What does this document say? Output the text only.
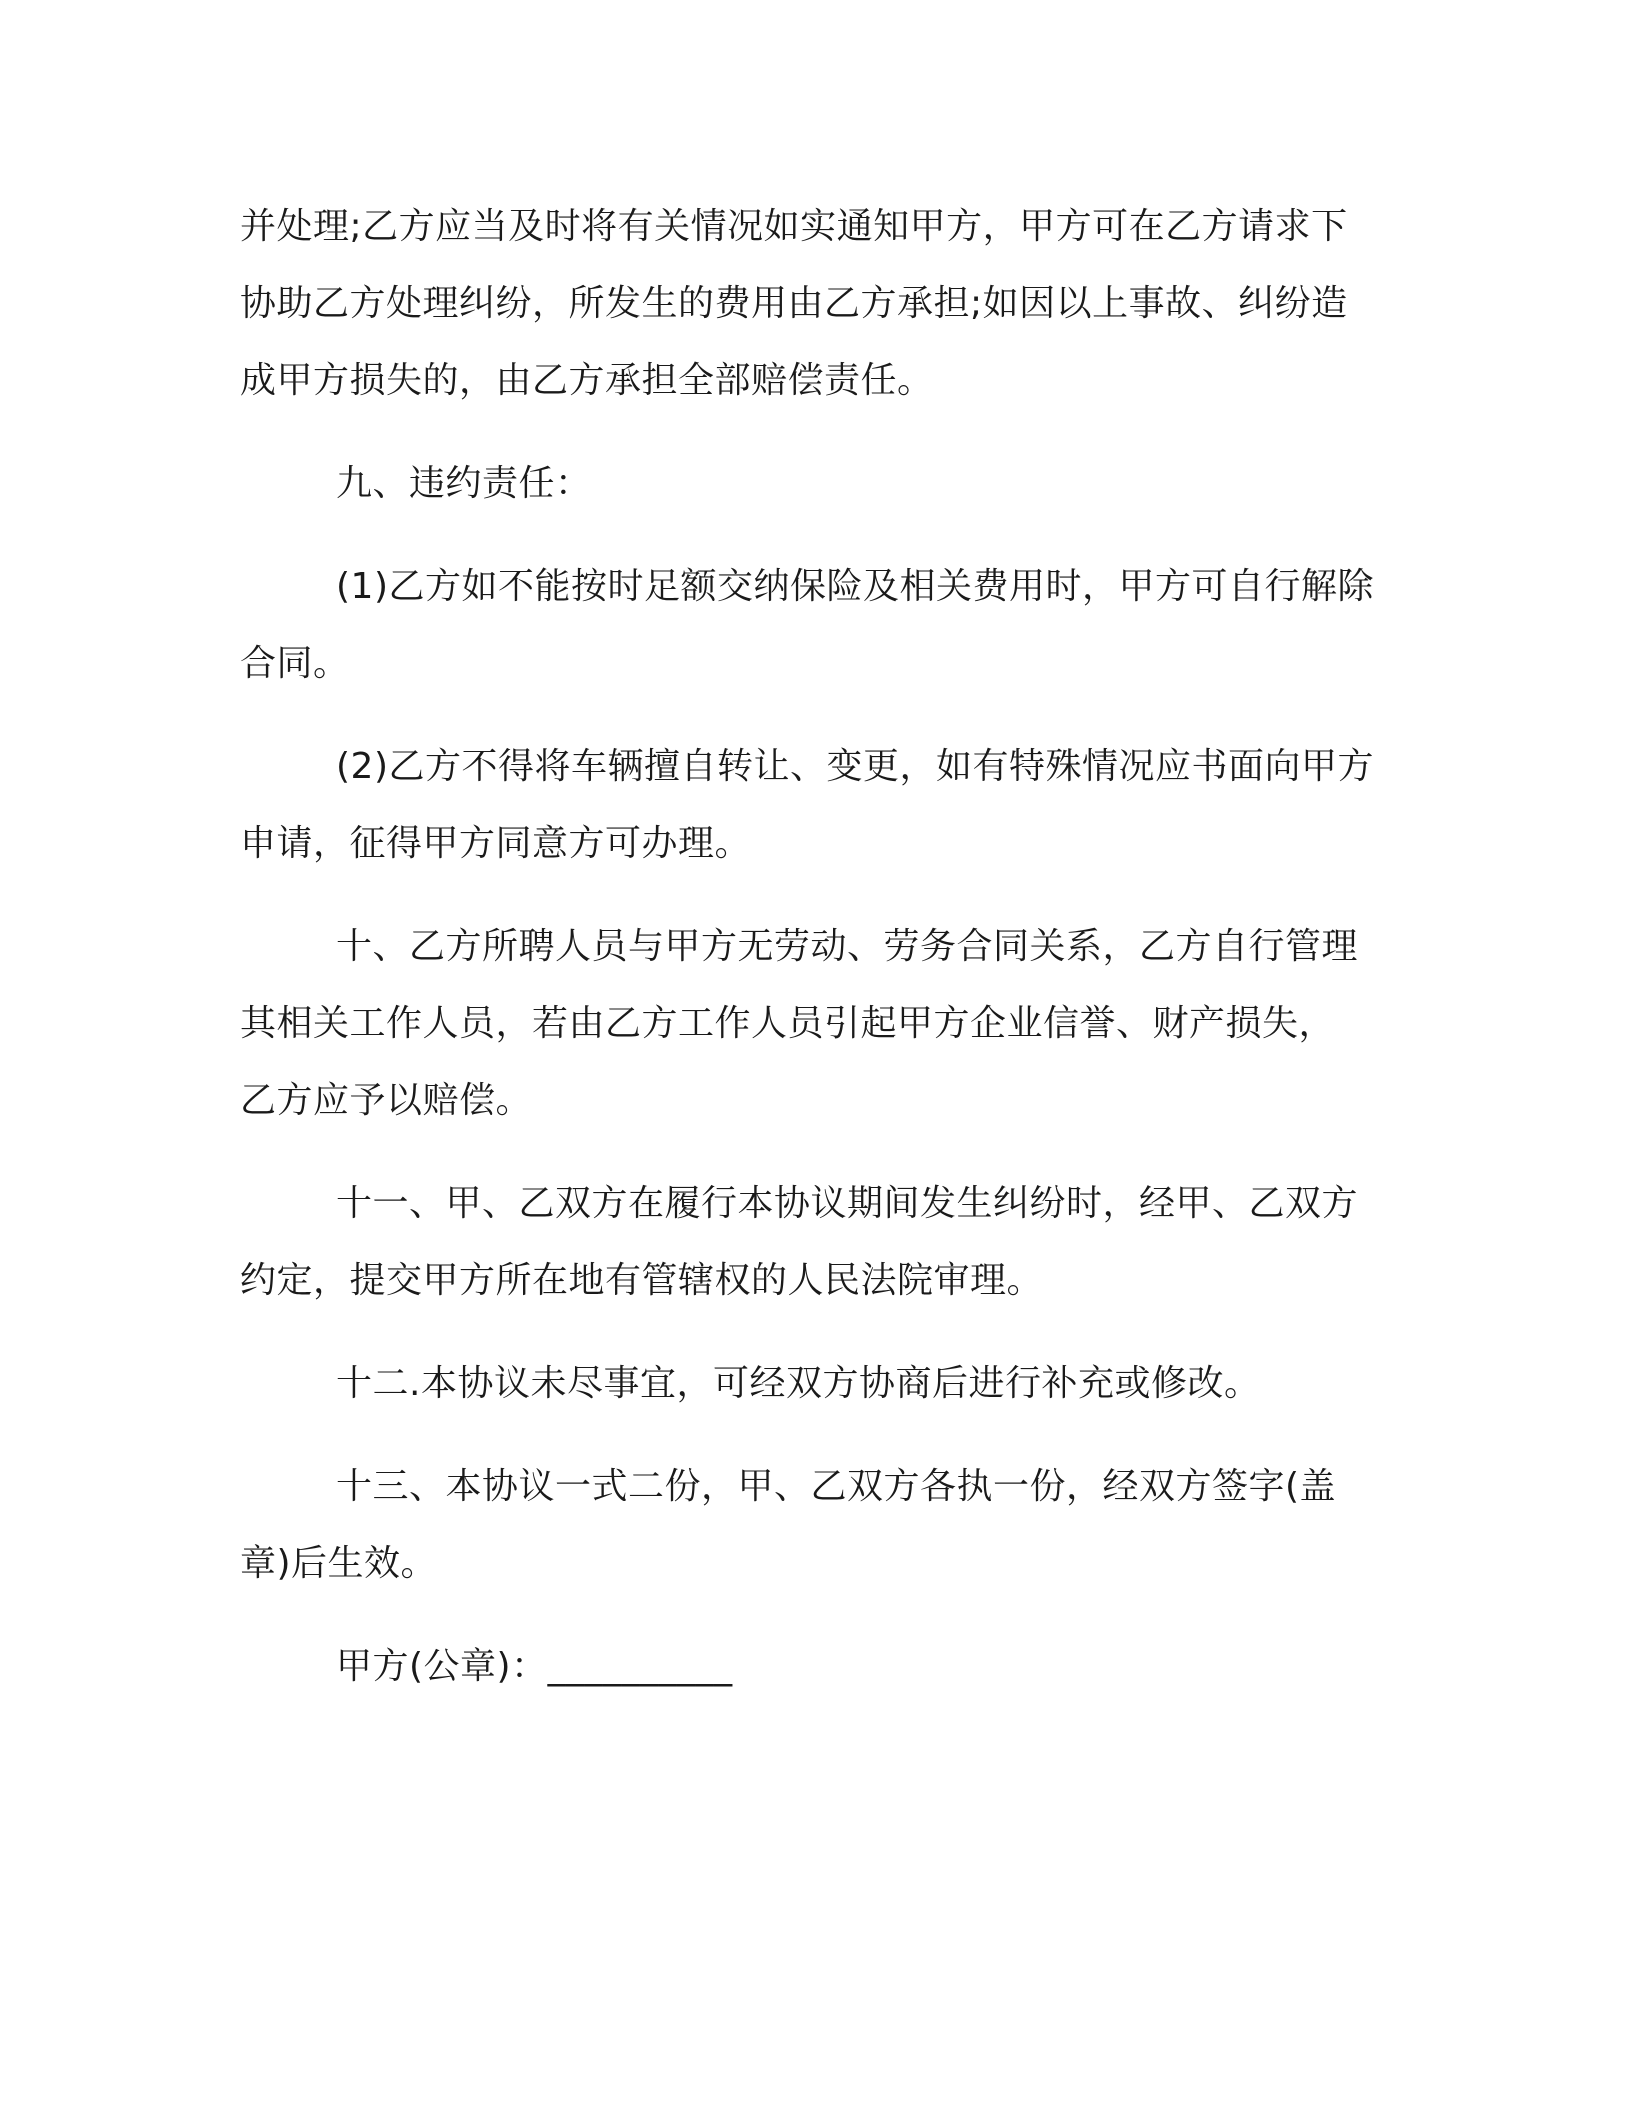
并处理;乙方应当及时将有关情况如实通知甲方，甲方可在乙方请求下
协助乙方处理纠纷，所发生的费用由乙方承担;如因以上事故、纠纷造
成甲方损失的，由乙方承担全部赔偿责任。

九、违约责任：

(1)乙方如不能按时足额交纳保险及相关费用时，甲方可自行解除
合同。

(2)乙方不得将车辆擅自转让、变更，如有特殊情况应书面向甲方
申请，征得甲方同意方可办理。

十、乙方所聘人员与甲方无劳动、劳务合同关系，乙方自行管理
其相关工作人员，若由乙方工作人员引起甲方企业信誉、财产损失，
乙方应予以赔偿。

十一、甲、乙双方在履行本协议期间发生纠纷时，经甲、乙双方
约定，提交甲方所在地有管辖权的人民法院审理。

十二.本协议未尽事宜，可经双方协商后进行补充或修改。

十三、本协议一式二份，甲、乙双方各执一份，经双方签字(盖
章)后生效。

甲方(公章)：__________
